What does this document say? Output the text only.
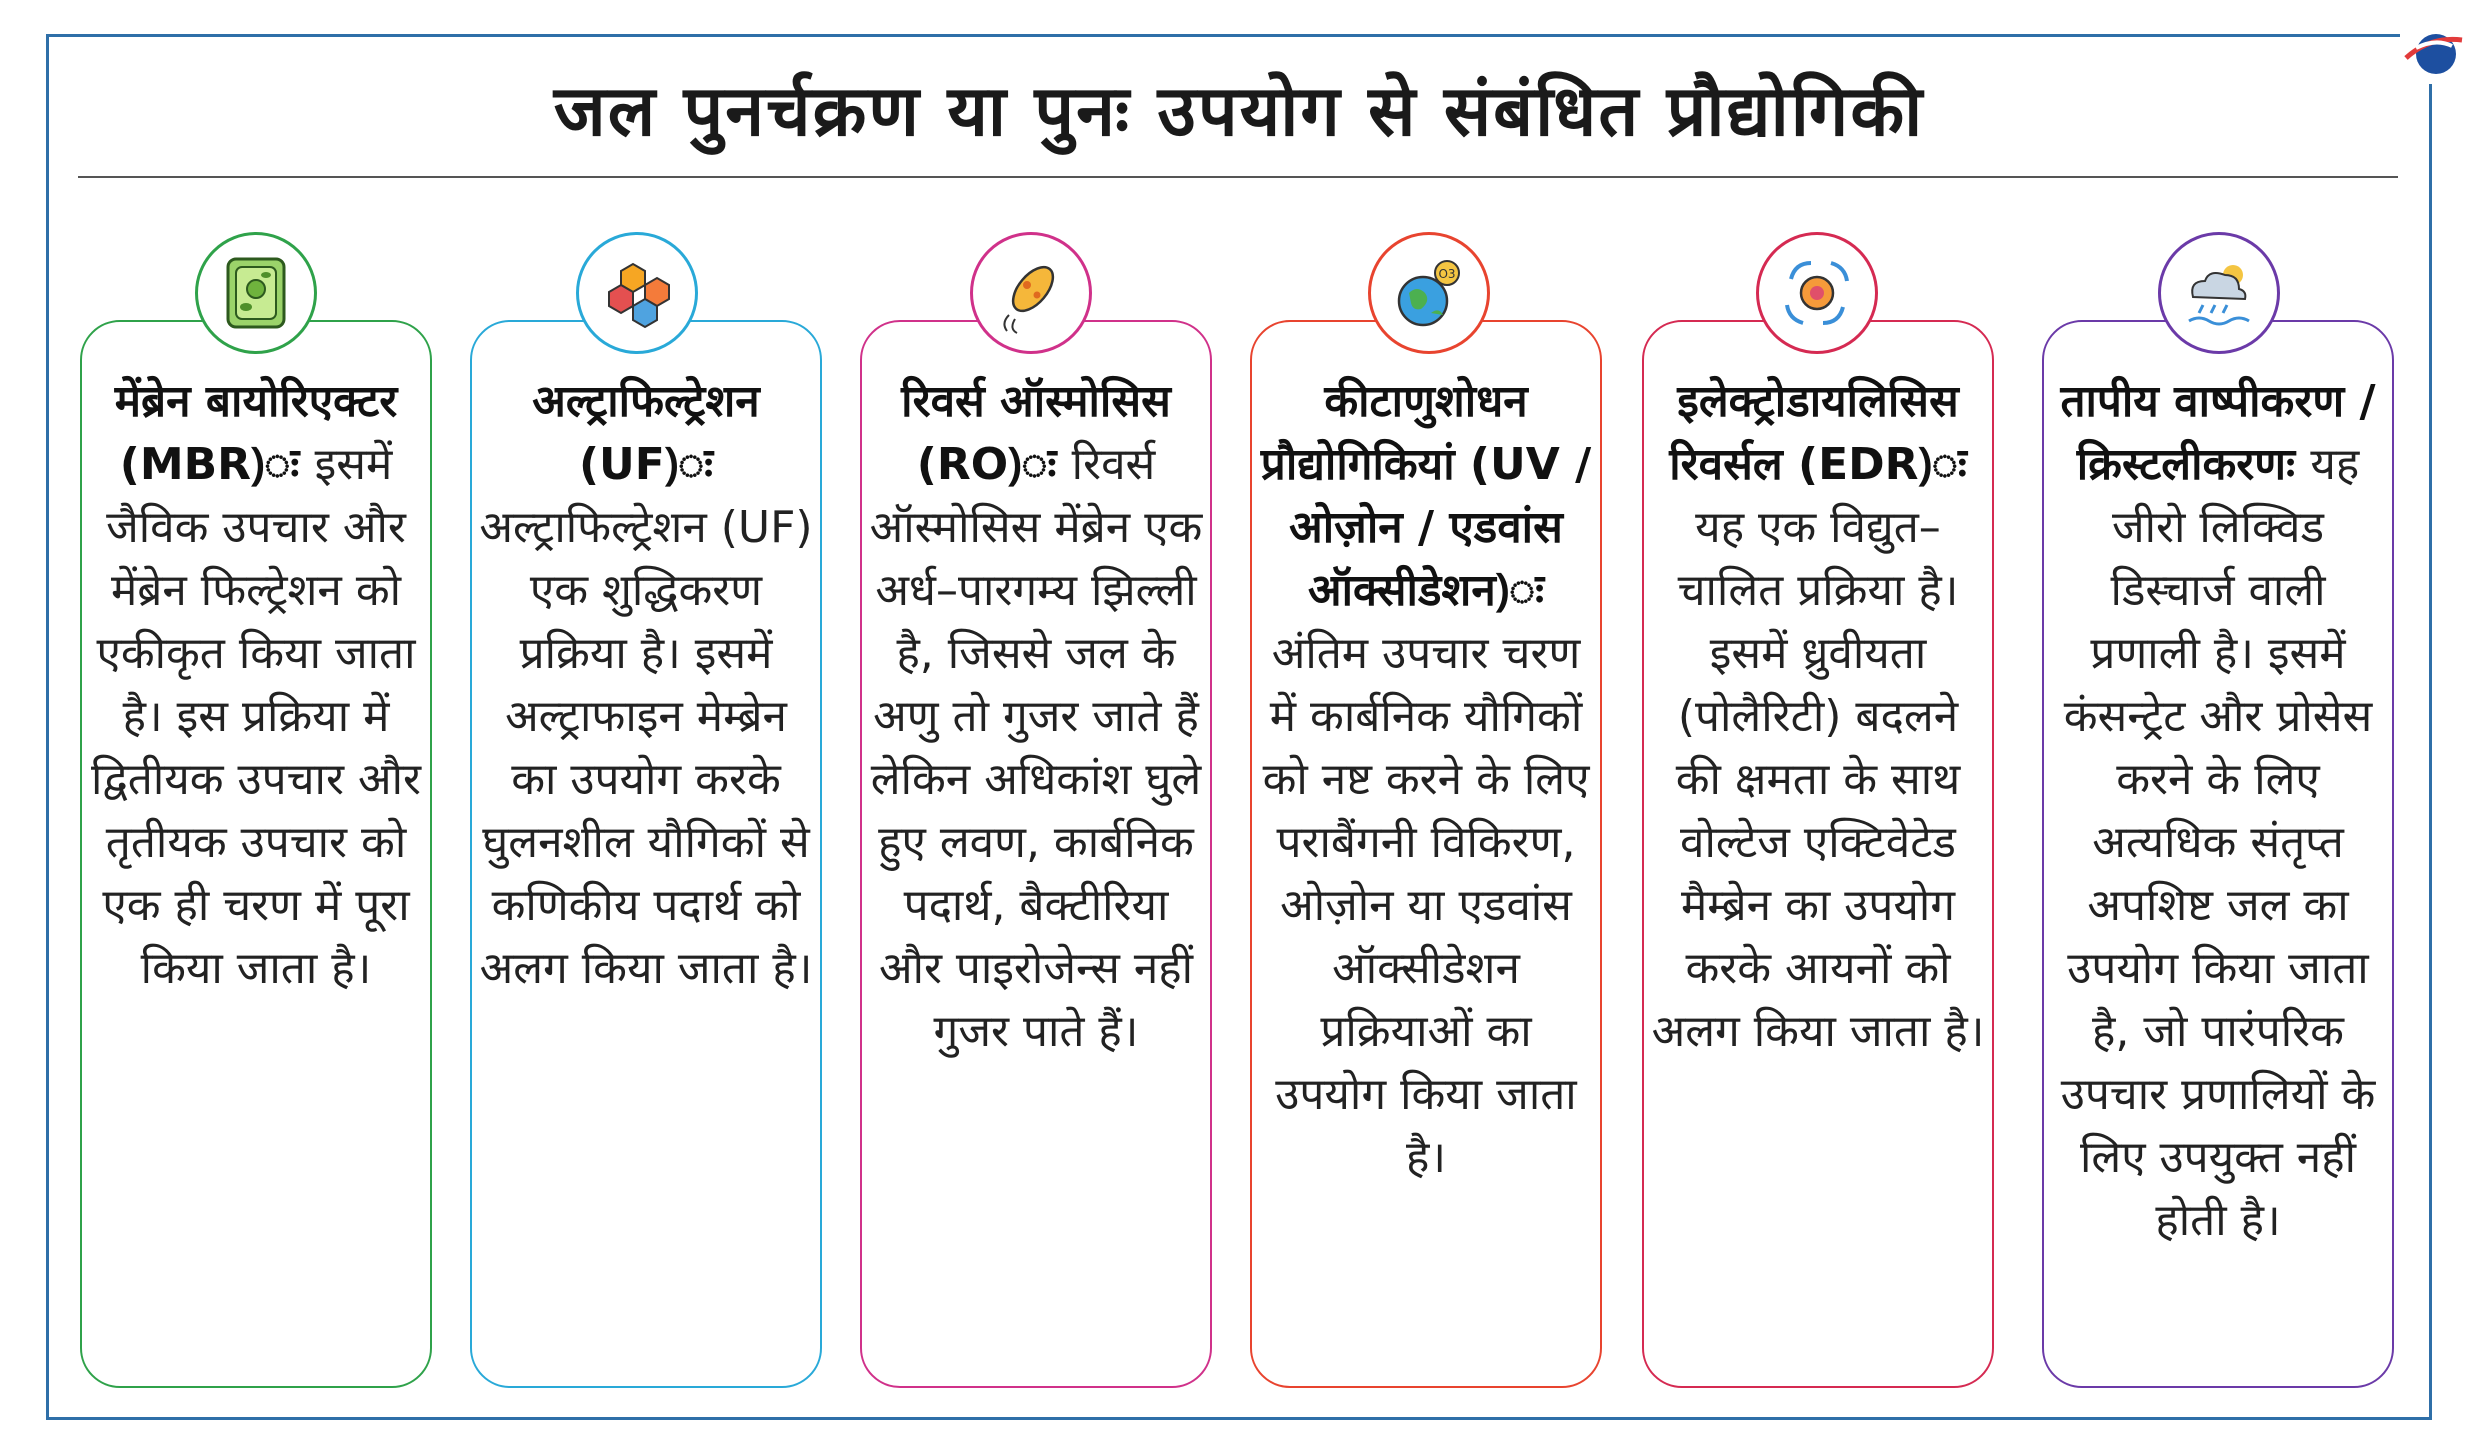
जल पुनर्चक्रण या पुनः उपयोग से संबंधित प्रौद्योगिकी
मेंब्रेन बायोरिएक्टर (MBR)ः इसमें जैविक उपचार और मेंब्रेन फिल्ट्रेशन को एकीकृत किया जाता है। इस प्रक्रिया में द्वितीयक उपचार और तृतीयक उपचार को एक ही चरण में पूरा किया जाता है।
अल्ट्राफिल्ट्रेशन (UF)अल्ट्राफिल्ट्रेशन (UF) एक शुद्धिकरण प्रक्रिया है। इसमें अल्ट्राफाइन मेम्ब्रेन का उपयोग करके घुलनशील यौगिकों से कणिकीय पदार्थ को अलग किया जाता है।
रिवर्स ऑस्मोसिस (RO)ः रिवर्स ऑस्मोसिस मेंब्रेन एक अर्ध–पारगम्य झिल्ली है, जिससे जल के अणु तो गुजर जाते हैं लेकिन अधिकांश घुले हुए लवण, कार्बनिक पदार्थ, बैक्टीरिया और पाइरोजेन्स नहीं गुजर पाते हैं।
कीटाणुशोधन प्रौद्योगिकियां (UV / ओज़ोन / एडवांस ऑक्सीडेशन)अंतिम उपचार चरण में कार्बनिक यौगिकों को नष्ट करने के लिए पराबैंगनी विकिरण, ओज़ोन या एडवांस ऑक्सीडेशन प्रक्रियाओं का उपयोग किया जाता है।
O3
इलेक्ट्रोडायलिसिस रिवर्सल (EDR)यह एक विद्युत–चालित प्रक्रिया है। इसमें ध्रुवीयता (पोलैरिटी) बदलने की क्षमता के साथ वोल्टेज एक्टिवेटेड मैम्ब्रेन का उपयोग करके आयनों को अलग किया जाता है।
तापीय वाष्पीकरण / क्रिस्टलीकरणः यह जीरो लिक्विड डिस्चार्ज वाली प्रणाली है। इसमें कंसन्ट्रेट और प्रोसेस करने के लिए अत्यधिक संतृप्त अपशिष्ट जल का उपयोग किया जाता है, जो पारंपरिक उपचार प्रणालियों के लिए उपयुक्त नहीं होती है।
